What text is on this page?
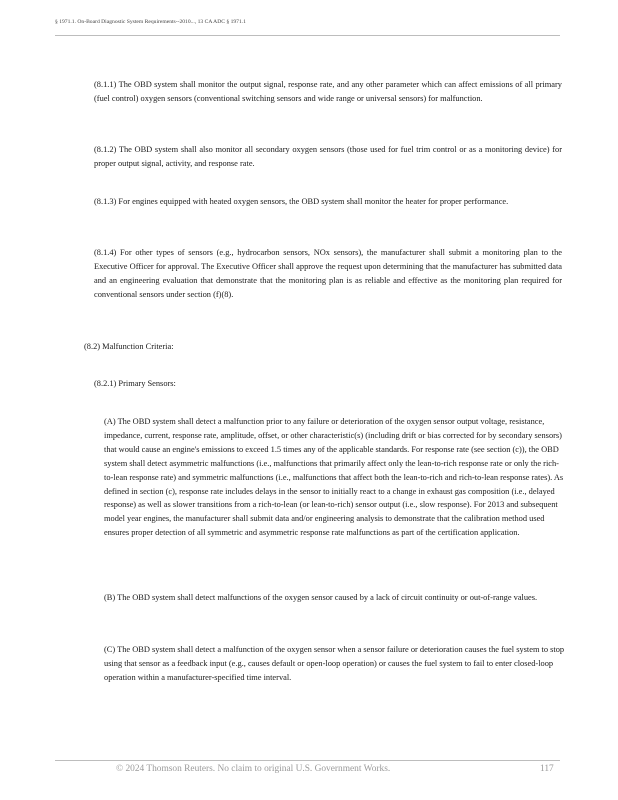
§ 1971.1. On-Board Diagnostic System Requirements--2010..., 13 CA ADC § 1971.1

(8.1.1) The OBD system shall monitor the output signal, response rate, and any other parameter which can affect emissions of all primary (fuel control) oxygen sensors (conventional switching sensors and wide range or universal sensors) for malfunction.

(8.1.2) The OBD system shall also monitor all secondary oxygen sensors (those used for fuel trim control or as a monitoring device) for proper output signal, activity, and response rate.

(8.1.3) For engines equipped with heated oxygen sensors, the OBD system shall monitor the heater for proper performance.

(8.1.4) For other types of sensors (e.g., hydrocarbon sensors, NOx sensors), the manufacturer shall submit a monitoring plan to the Executive Officer for approval. The Executive Officer shall approve the request upon determining that the manufacturer has submitted data and an engineering evaluation that demonstrate that the monitoring plan is as reliable and effective as the monitoring plan required for conventional sensors under section (f)(8).

(8.2) Malfunction Criteria:

(8.2.1) Primary Sensors:

(A) The OBD system shall detect a malfunction prior to any failure or deterioration of the oxygen sensor output voltage, resistance, impedance, current, response rate, amplitude, offset, or other characteristic(s) (including drift or bias corrected for by secondary sensors) that would cause an engine's emissions to exceed 1.5 times any of the applicable standards. For response rate (see section (c)), the OBD system shall detect asymmetric malfunctions (i.e., malfunctions that primarily affect only the lean-to-rich response rate or only the rich-to-lean response rate) and symmetric malfunctions (i.e., malfunctions that affect both the lean-to-rich and rich-to-lean response rates). As defined in section (c), response rate includes delays in the sensor to initially react to a change in exhaust gas composition (i.e., delayed response) as well as slower transitions from a rich-to-lean (or lean-to-rich) sensor output (i.e., slow response). For 2013 and subsequent model year engines, the manufacturer shall submit data and/or engineering analysis to demonstrate that the calibration method used ensures proper detection of all symmetric and asymmetric response rate malfunctions as part of the certification application.

(B) The OBD system shall detect malfunctions of the oxygen sensor caused by a lack of circuit continuity or out-of-range values.

(C) The OBD system shall detect a malfunction of the oxygen sensor when a sensor failure or deterioration causes the fuel system to stop using that sensor as a feedback input (e.g., causes default or open-loop operation) or causes the fuel system to fail to enter closed-loop operation within a manufacturer-specified time interval.

© 2024 Thomson Reuters. No claim to original U.S. Government Works.	117
